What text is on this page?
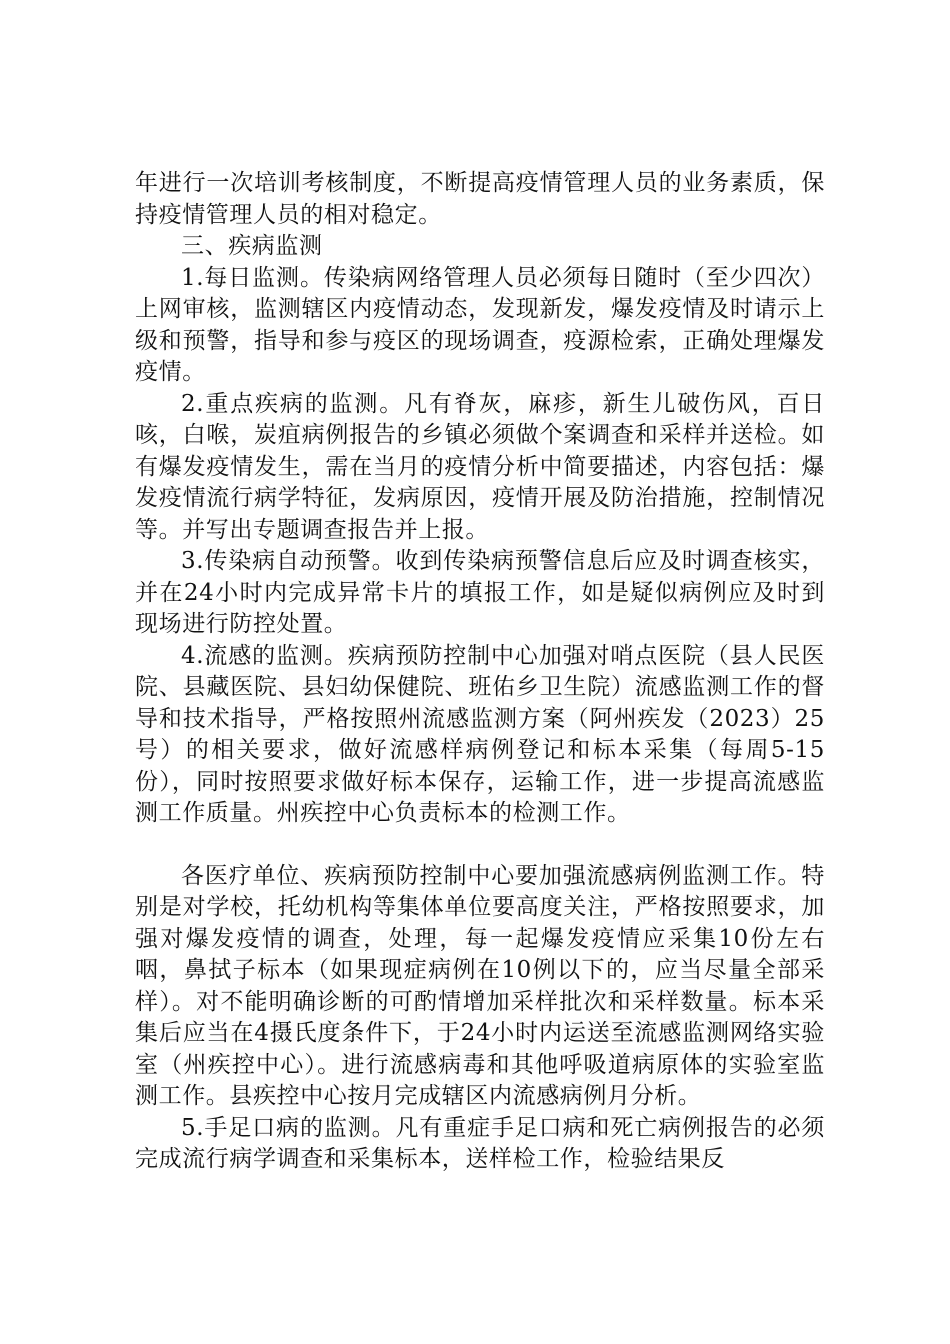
年进行一次培训考核制度，不断提高疫情管理人员的业务素质，保持疫情管理人员的相对稳定。

三、疾病监测

1.每日监测。传染病网络管理人员必须每日随时（至少四次）上网审核，监测辖区内疫情动态，发现新发，爆发疫情及时请示上级和预警，指导和参与疫区的现场调查，疫源检索，正确处理爆发疫情。

2.重点疾病的监测。凡有脊灰，麻疹，新生儿破伤风，百日咳，白喉，炭疽病例报告的乡镇必须做个案调查和采样并送检。如有爆发疫情发生，需在当月的疫情分析中简要描述，内容包括：爆发疫情流行病学特征，发病原因，疫情开展及防治措施，控制情况等。并写出专题调查报告并上报。

3.传染病自动预警。收到传染病预警信息后应及时调查核实，并在24小时内完成异常卡片的填报工作，如是疑似病例应及时到现场进行防控处置。

4.流感的监测。疾病预防控制中心加强对哨点医院（县人民医院、县藏医院、县妇幼保健院、班佑乡卫生院）流感监测工作的督导和技术指导，严格按照州流感监测方案（阿州疾发（2023）25号）的相关要求，做好流感样病例登记和标本采集（每周5-15份），同时按照要求做好标本保存，运输工作，进一步提高流感监测工作质量。州疾控中心负责标本的检测工作。

各医疗单位、疾病预防控制中心要加强流感病例监测工作。特别是对学校，托幼机构等集体单位要高度关注，严格按照要求，加强对爆发疫情的调查，处理，每一起爆发疫情应采集10份左右咽，鼻拭子标本（如果现症病例在10例以下的，应当尽量全部采样）。对不能明确诊断的可酌情增加采样批次和采样数量。标本采集后应当在4摄氏度条件下，于24小时内运送至流感监测网络实验室（州疾控中心）。进行流感病毒和其他呼吸道病原体的实验室监测工作。县疾控中心按月完成辖区内流感病例月分析。

5.手足口病的监测。凡有重症手足口病和死亡病例报告的必须完成流行病学调查和采集标本，送样检工作，检验结果反
